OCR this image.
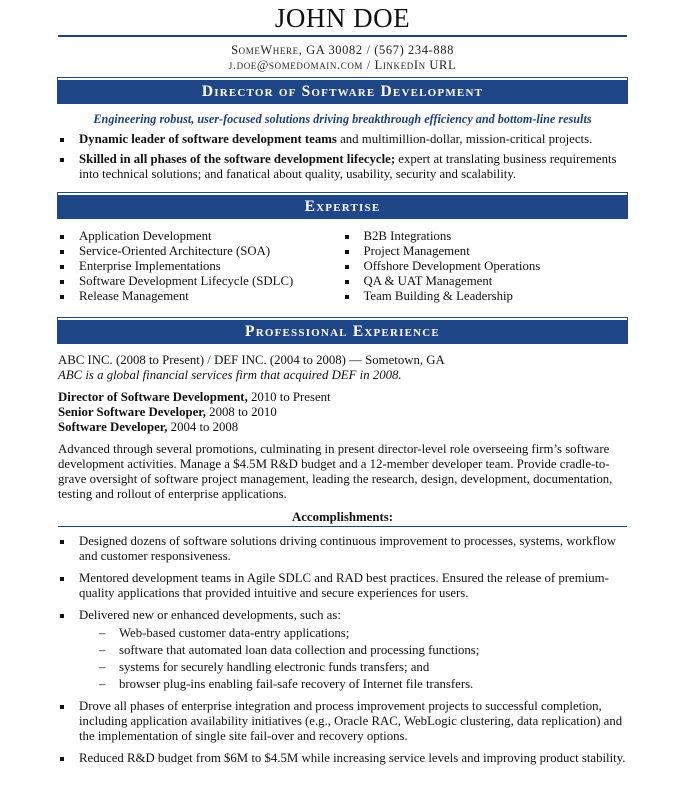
JOHN DOE
SomeWhere, GA 30082 / (567) 234-888
j.doe@somedomain.com / LinkedIn URL
Director of Software Development
Engineering robust, user-focused solutions driving breakthrough efficiency and bottom-line results
Dynamic leader of software development teams and multimillion-dollar, mission-critical projects.
Skilled in all phases of the software development lifecycle; expert at translating business requirements into technical solutions; and fanatical about quality, usability, security and scalability.
Expertise
Application Development
Service-Oriented Architecture (SOA)
Enterprise Implementations
Software Development Lifecycle (SDLC)
Release Management
B2B Integrations
Project Management
Offshore Development Operations
QA & UAT Management
Team Building & Leadership
Professional Experience
ABC INC. (2008 to Present) / DEF INC. (2004 to 2008) — Sometown, GA
ABC is a global financial services firm that acquired DEF in 2008.
Director of Software Development, 2010 to Present
Senior Software Developer, 2008 to 2010
Software Developer, 2004 to 2008
Advanced through several promotions, culminating in present director-level role overseeing firm’s software development activities. Manage a $4.5M R&D budget and a 12-member developer team. Provide cradle-to-grave oversight of software project management, leading the research, design, development, documentation, testing and rollout of enterprise applications.
Accomplishments:
Designed dozens of software solutions driving continuous improvement to processes, systems, workflow and customer responsiveness.
Mentored development teams in Agile SDLC and RAD best practices. Ensured the release of premium-quality applications that provided intuitive and secure experiences for users.
Delivered new or enhanced developments, such as:
– Web-based customer data-entry applications;
– software that automated loan data collection and processing functions;
– systems for securely handling electronic funds transfers; and
– browser plug-ins enabling fail-safe recovery of Internet file transfers.
Drove all phases of enterprise integration and process improvement projects to successful completion, including application availability initiatives (e.g., Oracle RAC, WebLogic clustering, data replication) and the implementation of single site fail-over and recovery options.
Reduced R&D budget from $6M to $4.5M while increasing service levels and improving product stability.
